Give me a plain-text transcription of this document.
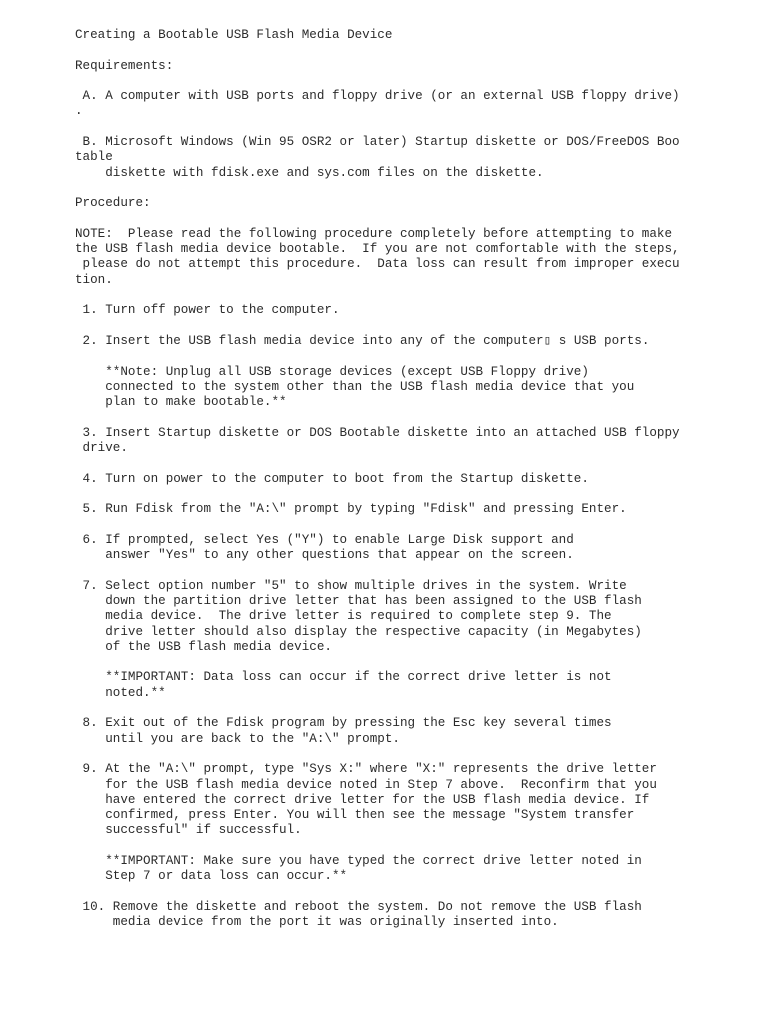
Creating a Bootable USB Flash Media Device
Requirements:
A. A computer with USB ports and floppy drive (or an external USB floppy drive)
.
B. Microsoft Windows (Win 95 OSR2 or later) Startup diskette or DOS/FreeDOS Boo
table
diskette with fdisk.exe and sys.com files on the diskette.
Procedure:
NOTE:  Please read the following procedure completely before attempting to make
the USB flash media device bootable.  If you are not comfortable with the steps,
please do not attempt this procedure.  Data loss can result from improper execu
tion.
1. Turn off power to the computer.
2. Insert the USB flash media device into any of the computer▯ s USB ports.
**Note: Unplug all USB storage devices (except USB Floppy drive)
connected to the system other than the USB flash media device that you
plan to make bootable.**
3. Insert Startup diskette or DOS Bootable diskette into an attached USB floppy
drive.
4. Turn on power to the computer to boot from the Startup diskette.
5. Run Fdisk from the "A:\" prompt by typing "Fdisk" and pressing Enter.
6. If prompted, select Yes ("Y") to enable Large Disk support and
answer "Yes" to any other questions that appear on the screen.
7. Select option number "5" to show multiple drives in the system. Write
down the partition drive letter that has been assigned to the USB flash
media device.  The drive letter is required to complete step 9. The
drive letter should also display the respective capacity (in Megabytes)
of the USB flash media device.
**IMPORTANT: Data loss can occur if the correct drive letter is not
noted.**
8. Exit out of the Fdisk program by pressing the Esc key several times
until you are back to the "A:\" prompt.
9. At the "A:\" prompt, type "Sys X:" where "X:" represents the drive letter
for the USB flash media device noted in Step 7 above.  Reconfirm that you
have entered the correct drive letter for the USB flash media device. If
confirmed, press Enter. You will then see the message "System transfer
successful" if successful.
**IMPORTANT: Make sure you have typed the correct drive letter noted in
Step 7 or data loss can occur.**
10. Remove the diskette and reboot the system. Do not remove the USB flash
media device from the port it was originally inserted into.
